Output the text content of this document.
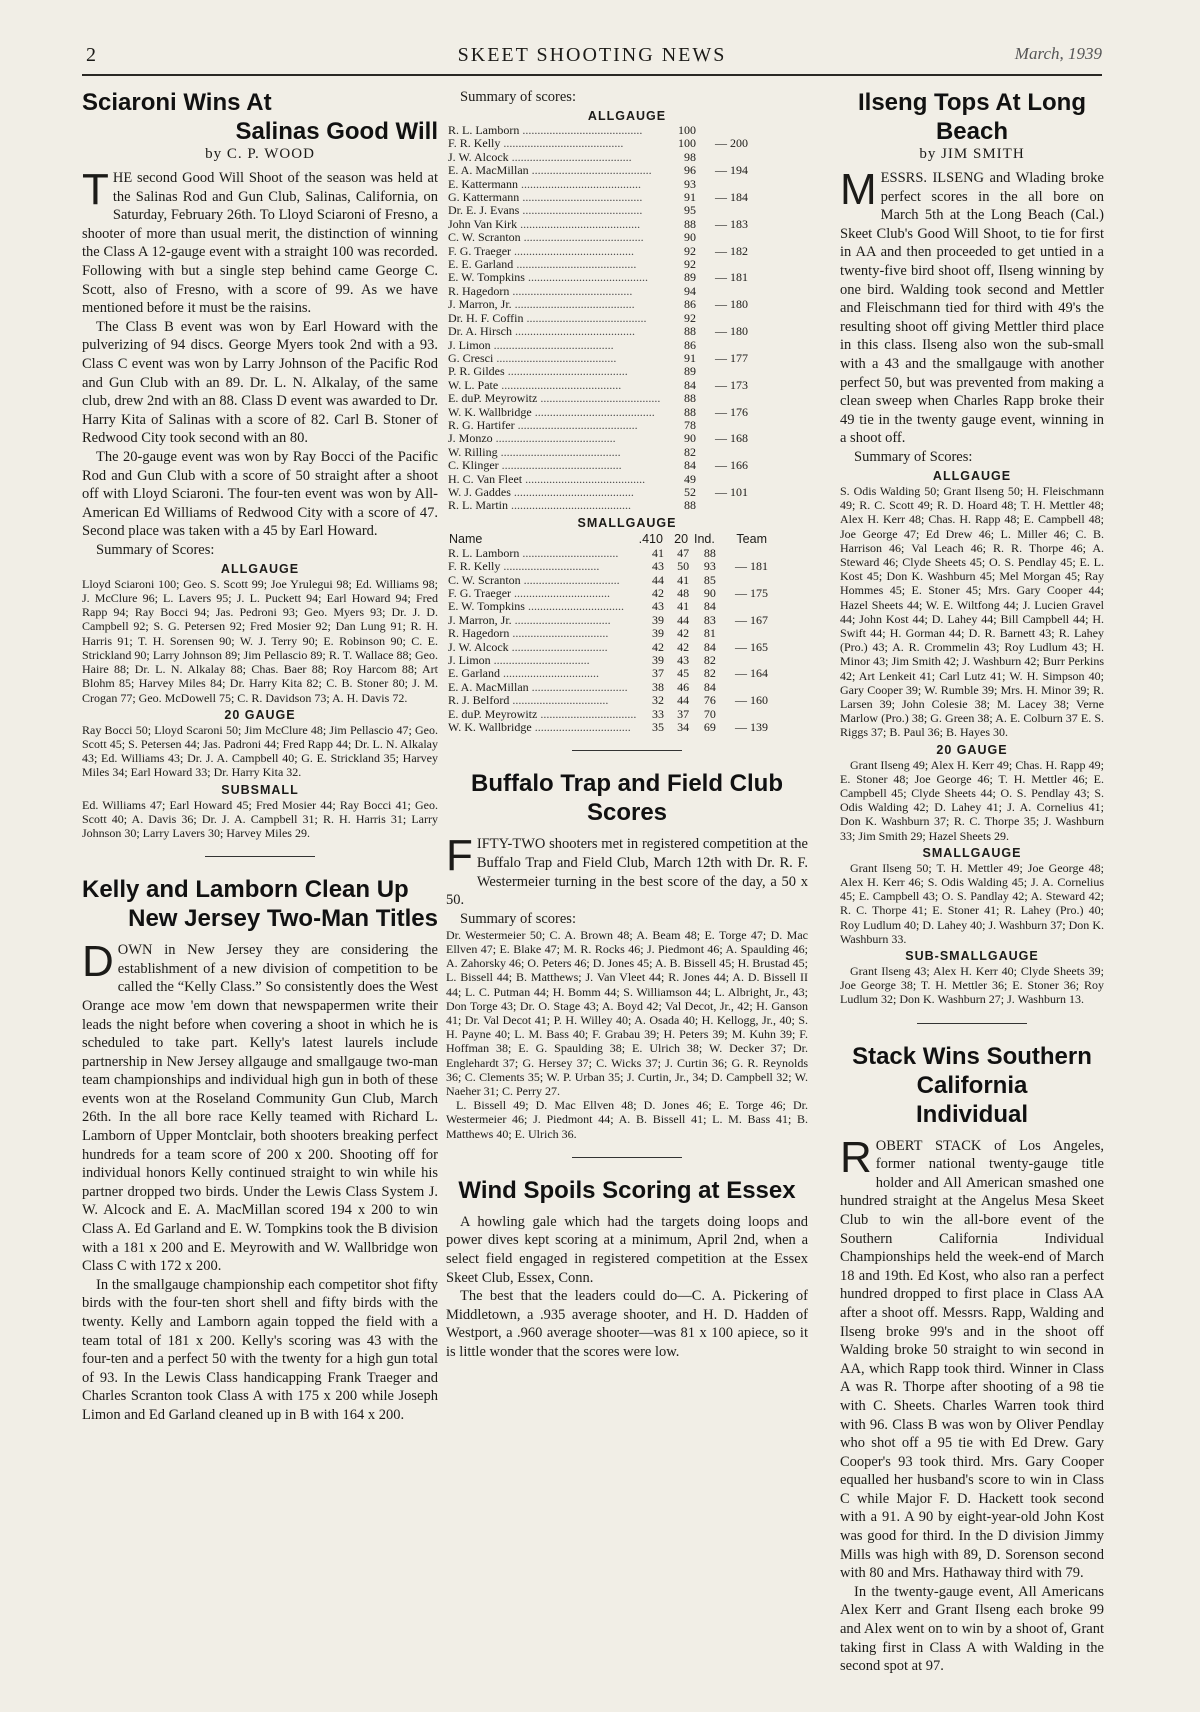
2	SKEET SHOOTING NEWS	March, 1939
Sciaroni Wins At
Salinas Good Will
by C. P. WOOD

THE second Good Will Shoot of the season was held at the Salinas Rod and Gun Club, Salinas, California, on Saturday, February 26th. To Lloyd Sciaroni of Fresno, a shooter of more than usual merit, the distinction of winning the Class A 12-gauge event with a straight 100 was recorded. Following with but a single step behind came George C. Scott, also of Fresno, with a score of 99. As we have mentioned before it must be the raisins.

The Class B event was won by Earl Howard with the pulverizing of 94 discs. George Myers took 2nd with a 93. Class C event was won by Larry Johnson of the Pacific Rod and Gun Club with an 89. Dr. L. N. Alkalay, of the same club, drew 2nd with an 88. Class D event was awarded to Dr. Harry Kita of Salinas with a score of 82. Carl B. Stoner of Redwood City took second with an 80.

The 20-gauge event was won by Ray Bocci of the Pacific Rod and Gun Club with a score of 50 straight after a shoot off with Lloyd Sciaroni. The four-ten event was won by All-American Ed Williams of Redwood City with a score of 47. Second place was taken with a 45 by Earl Howard.

Summary of Scores:
ALLGAUGE

Lloyd Sciaroni 100; Geo. S. Scott 99; Joe Yrulegui 98; Ed. Williams 98; J. McClure 96; L. Lavers 95; J. L. Puckett 94; Earl Howard 94; Fred Rapp 94; Ray Bocci 94; Jas. Pedroni 93; Geo. Myers 93; Dr. J. D. Campbell 92; S. G. Petersen 92; Fred Mosier 92; Dan Lung 91; R. H. Harris 91; T. H. Sorensen 90; W. J. Terry 90; E. Robinson 90; C. E. Strickland 90; Larry Johnson 89; Jim Pellascio 89; R. T. Wallace 88; Geo. Haire 88; Dr. L. N. Alkalay 88; Chas. Baer 88; Roy Harcom 88; Art Blohm 85; Harvey Miles 84; Dr. Harry Kita 82; C. B. Stoner 80; J. M. Crogan 77; Geo. McDowell 75; C. R. Davidson 73; A. H. Davis 72.

20 GAUGE

Ray Bocci 50; Lloyd Scaroni 50; Jim McClure 48; Jim Pellascio 47; Geo. Scott 45; S. Petersen 44; Jas. Padroni 44; Fred Rapp 44; Dr. L. N. Alkalay 43; Ed. Williams 43; Dr. J. A. Campbell 40; G. E. Strickland 35; Harvey Miles 34; Earl Howard 33; Dr. Harry Kita 32.

SUBSMALL

Ed. Williams 47; Earl Howard 45; Fred Mosier 44; Ray Bocci 41; Geo. Scott 40; A. Davis 36; Dr. J. A. Campbell 31; R. H. Harris 31; Larry Johnson 30; Larry Lavers 30; Harvey Miles 29.

Kelly and Lamborn Clean Up
New Jersey Two-Man Titles

DOWN in New Jersey they are considering the establishment of a new division of competition to be called the “Kelly Class.” So consistently does the West Orange ace mow 'em down that newspapermen write their leads the night before when covering a shoot in which he is scheduled to take part. Kelly's latest laurels include partnership in New Jersey allgauge and smallgauge two-man team championships and individual high gun in both of these events won at the Roseland Community Gun Club, March 26th. In the all bore race Kelly teamed with Richard L. Lamborn of Upper Montclair, both shooters breaking perfect hundreds for a team score of 200 x 200. Shooting off for individual honors Kelly continued straight to win while his partner dropped two birds. Under the Lewis Class System J. W. Alcock and E. A. MacMillan scored 194 x 200 to win Class A. Ed Garland and E. W. Tompkins took the B division with a 181 x 200 and E. Meyrowith and W. Wallbridge won Class C with 172 x 200.

In the smallgauge championship each competitor shot fifty birds with the four-ten short shell and fifty birds with the twenty. Kelly and Lamborn again topped the field with a team total of 181 x 200. Kelly's scoring was 43 with the four-ten and a perfect 50 with the twenty for a high gun total of 93. In the Lewis Class handicapping Frank Traeger and Charles Scranton took Class A with 175 x 200 while Joseph Limon and Ed Garland cleaned up in B with 164 x 200.

Summary of scores:
ALLGAUGE
R. L. Lamborn .....	100	
F. R. Kelly .....	100	— 200
J. W. Alcock .....	98	
E. A. MacMillan .....	96	— 194
E. Kattermann .....	93	
G. Kattermann .....	91	— 184
Dr. E. J. Evans .....	95	
John Van Kirk .....	88	— 183
C. W. Scranton .....	90	
F. G. Traeger .....	92	— 182
E. E. Garland .....	92	
E. W. Tompkins .....	89	— 181
R. Hagedorn .....	94	
J. Marron, Jr. .....	86	— 180
Dr. H. F. Coffin .....	92	
Dr. A. Hirsch .....	88	— 180
J. Limon .....	86	
G. Cresci .....	91	— 177
P. R. Gildes .....	89	
W. L. Pate .....	84	— 173
E. duP. Meyrowitz .....	88	
W. K. Wallbridge .....	88	— 176
R. G. Hartifer .....	78	
J. Monzo .....	90	— 168
W. Rilling .....	82	
C. Klinger .....	84	— 166
H. C. Van Fleet .....	49	
W. J. Gaddes .....	52	— 101
R. L. Martin .....	88	
SMALLGAUGE
Name	.410	20	Ind.	Team
R. L. Lamborn .....	41	47	88	
F. R. Kelly .....	43	50	93	— 181
C. W. Scranton .....	44	41	85	
F. G. Traeger .....	42	48	90	— 175
E. W. Tompkins .....	43	41	84	
J. Marron, Jr. .....	39	44	83	— 167
R. Hagedorn .....	39	42	81	
J. W. Alcock .....	42	42	84	— 165
J. Limon .....	39	43	82	
E. Garland .....	37	45	82	— 164
E. A. MacMillan .....	38	46	84	
R. J. Belford .....	32	44	76	— 160
E. duP. Meyrowitz .....	33	37	70	
W. K. Wallbridge .....	35	34	69	— 139
Buffalo Trap and Field Club
Scores

FIFTY-TWO shooters met in registered competition at the Buffalo Trap and Field Club, March 12th with Dr. R. F. Westermeier turning in the best score of the day, a 50 x 50.

Summary of scores:

Dr. Westermeier 50; C. A. Brown 48; A. Beam 48; E. Torge 47; D. Mac Ellven 47; E. Blake 47; M. R. Rocks 46; J. Piedmont 46; A. Spaulding 46; A. Zahorsky 46; O. Peters 46; D. Jones 45; A. B. Bissell 45; H. Brustad 45; L. Bissell 44; B. Matthews; J. Van Vleet 44; R. Jones 44; A. D. Bissell II 44; L. C. Putman 44; H. Bomm 44; S. Williamson 44; L. Albright, Jr., 43; Don Torge 43; Dr. O. Stage 43; A. Boyd 42; Val Decot, Jr., 42; H. Ganson 41; Dr. Val Decot 41; P. H. Willey 40; A. Osada 40; H. Kellogg, Jr., 40; S. H. Payne 40; L. M. Bass 40; F. Grabau 39; H. Peters 39; M. Kuhn 39; F. Hoffman 38; E. G. Spaulding 38; E. Ulrich 38; W. Decker 37; Dr. Englehardt 37; G. Hersey 37; C. Wicks 37; J. Curtin 36; G. R. Reynolds 36; C. Clements 35; W. P. Urban 35; J. Curtin, Jr., 34; D. Campbell 32; W. Naeher 31; C. Perry 27.

L. Bissell 49; D. Mac Ellven 48; D. Jones 46; E. Torge 46; Dr. Westermeier 46; J. Piedmont 44; A. B. Bissell 41; L. M. Bass 41; B. Matthews 40; E. Ulrich 36.

Wind Spoils Scoring at Essex

A howling gale which had the targets doing loops and power dives kept scoring at a minimum, April 2nd, when a select field engaged in registered competition at the Essex Skeet Club, Essex, Conn.

The best that the leaders could do—C. A. Pickering of Middletown, a .935 average shooter, and H. D. Hadden of Westport, a .960 average shooter—was 81 x 100 apiece, so it is little wonder that the scores were low.

Ilseng Tops At Long Beach
by JIM SMITH

MESSRS. ILSENG and Wlading broke perfect scores in the all bore on March 5th at the Long Beach (Cal.) Skeet Club's Good Will Shoot, to tie for first in AA and then proceeded to get untied in a twenty-five bird shoot off, Ilseng winning by one bird. Walding took second and Mettler and Fleischmann tied for third with 49's the resulting shoot off giving Mettler third place in this class. Ilseng also won the sub-small with a 43 and the smallgauge with another perfect 50, but was prevented from making a clean sweep when Charles Rapp broke their 49 tie in the twenty gauge event, winning in a shoot off.

Summary of Scores:
ALLGAUGE

S. Odis Walding 50; Grant Ilseng 50; H. Fleischmann 49; R. C. Scott 49; R. D. Hoard 48; T. H. Mettler 48; Alex H. Kerr 48; Chas. H. Rapp 48; E. Campbell 48; Joe George 47; Ed Drew 46; L. Miller 46; C. B. Harrison 46; Val Leach 46; R. R. Thorpe 46; A. Steward 46; Clyde Sheets 45; O. S. Pendlay 45; E. L. Kost 45; Don K. Washburn 45; Mel Morgan 45; Ray Hommes 45; E. Stoner 45; Mrs. Gary Cooper 44; Hazel Sheets 44; W. E. Wiltfong 44; J. Lucien Gravel 44; John Kost 44; D. Lahey 44; Bill Campbell 44; H. Swift 44; H. Gorman 44; D. R. Barnett 43; R. Lahey (Pro.) 43; A. R. Crommelin 43; Roy Ludlum 43; H. Minor 43; Jim Smith 42; J. Washburn 42; Burr Perkins 42; Art Lenkeit 41; Carl Lutz 41; W. H. Simpson 40; Gary Cooper 39; W. Rumble 39; Mrs. H. Minor 39; R. Larsen 39; John Colesie 38; M. Lacey 38; Verne Marlow (Pro.) 38; G. Green 38; A. E. Colburn 37 E. S. Riggs 37; B. Paul 36; B. Hayes 30.

20 GAUGE

Grant Ilseng 49; Alex H. Kerr 49; Chas. H. Rapp 49; E. Stoner 48; Joe George 46; T. H. Mettler 46; E. Campbell 45; Clyde Sheets 44; O. S. Pendlay 43; S. Odis Walding 42; D. Lahey 41; J. A. Cornelius 41; Don K. Washburn 37; R. C. Thorpe 35; J. Washburn 33; Jim Smith 29; Hazel Sheets 29.

SMALLGAUGE

Grant Ilseng 50; T. H. Mettler 49; Joe George 48; Alex H. Kerr 46; S. Odis Walding 45; J. A. Cornelius 45; E. Campbell 43; O. S. Pandlay 42; A. Steward 42; R. C. Thorpe 41; E. Stoner 41; R. Lahey (Pro.) 40; Roy Ludlum 40; D. Lahey 40; J. Washburn 37; Don K. Washburn 33.

SUB-SMALLGAUGE

Grant Ilseng 43; Alex H. Kerr 40; Clyde Sheets 39; Joe George 38; T. H. Mettler 36; E. Stoner 36; Roy Ludlum 32; Don K. Washburn 27; J. Washburn 13.

Stack Wins Southern California
Individual

ROBERT STACK of Los Angeles, former national twenty-gauge title holder and All American smashed one hundred straight at the Angelus Mesa Skeet Club to win the all-bore event of the Southern California Individual Championships held the week-end of March 18 and 19th. Ed Kost, who also ran a perfect hundred dropped to first place in Class AA after a shoot off. Messrs. Rapp, Walding and Ilseng broke 99's and in the shoot off Walding broke 50 straight to win second in AA, which Rapp took third. Winner in Class A was R. Thorpe after shooting of a 98 tie with C. Sheets. Charles Warren took third with 96. Class B was won by Oliver Pendlay who shot off a 95 tie with Ed Drew. Gary Cooper's 93 took third. Mrs. Gary Cooper equalled her husband's score to win in Class C while Major F. D. Hackett took second with a 91. A 90 by eight-year-old John Kost was good for third. In the D division Jimmy Mills was high with 89, D. Sorenson second with 80 and Mrs. Hathaway third with 79.

In the twenty-gauge event, All Americans Alex Kerr and Grant Ilseng each broke 99 and Alex went on to win by a shoot of, Grant taking first in Class A with Walding in the second spot at 97.
